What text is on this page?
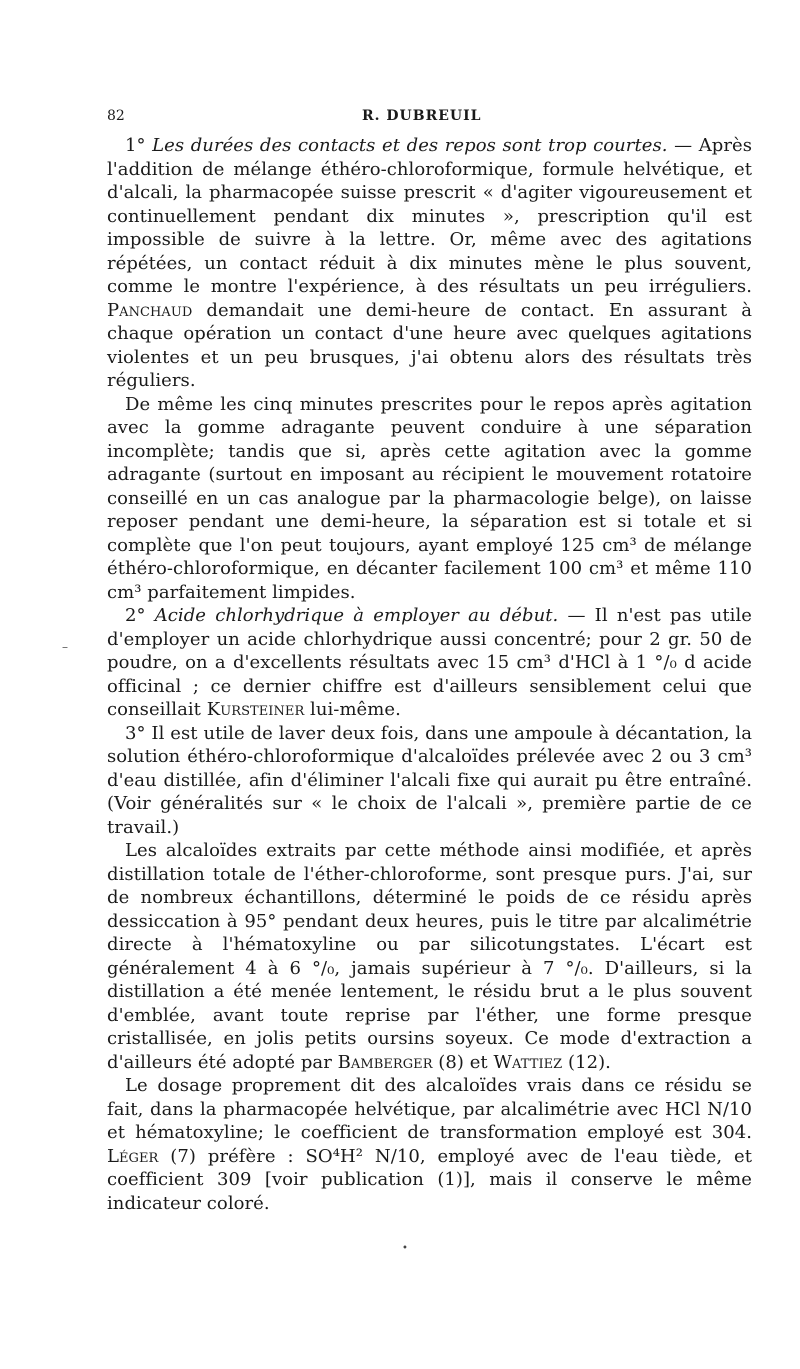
82	R. DUBREUIL

1° Les durées des contacts et des repos sont trop courtes. — Après l'addition de mélange éthéro-chloroformique, formule helvétique, et d'alcali, la pharmacopée suisse prescrit « d'agiter vigoureusement et continuellement pendant dix minutes », prescription qu'il est impossible de suivre à la lettre. Or, même avec des agitations répétées, un contact réduit à dix minutes mène le plus souvent, comme le montre l'expérience, à des résultats un peu irréguliers. Panchaud demandait une demi-heure de contact. En assurant à chaque opération un contact d'une heure avec quelques agitations violentes et un peu brusques, j'ai obtenu alors des résultats très réguliers.

De même les cinq minutes prescrites pour le repos après agitation avec la gomme adragante peuvent conduire à une séparation incomplète; tandis que si, après cette agitation avec la gomme adragante (surtout en imposant au récipient le mouvement rotatoire conseillé en un cas analogue par la pharmacologie belge), on laisse reposer pendant une demi-heure, la séparation est si totale et si complète que l'on peut toujours, ayant employé 125 cm³ de mélange éthéro-chloroformique, en décanter facilement 100 cm³ et même 110 cm³ parfaitement limpides.

2° Acide chlorhydrique à employer au début. — Il n'est pas utile d'employer un acide chlorhydrique aussi concentré; pour 2 gr. 50 de poudre, on a d'excellents résultats avec 15 cm³ d'HCl à 1 °/₀ d acide officinal ; ce dernier chiffre est d'ailleurs sensiblement celui que conseillait Kursteiner lui-même.

3° Il est utile de laver deux fois, dans une ampoule à décantation, la solution éthéro-chloroformique d'alcaloïdes prélevée avec 2 ou 3 cm³ d'eau distillée, afin d'éliminer l'alcali fixe qui aurait pu être entraîné. (Voir généralités sur « le choix de l'alcali », première partie de ce travail.)

Les alcaloïdes extraits par cette méthode ainsi modifiée, et après distillation totale de l'éther-chloroforme, sont presque purs. J'ai, sur de nombreux échantillons, déterminé le poids de ce résidu après dessiccation à 95° pendant deux heures, puis le titre par alcalimétrie directe à l'hématoxyline ou par silicotungstates. L'écart est généralement 4 à 6 °/₀, jamais supérieur à 7 °/₀. D'ailleurs, si la distillation a été menée lentement, le résidu brut a le plus souvent d'emblée, avant toute reprise par l'éther, une forme presque cristallisée, en jolis petits oursins soyeux. Ce mode d'extraction a d'ailleurs été adopté par Bamberger (8) et Wattiez (12).

Le dosage proprement dit des alcaloïdes vrais dans ce résidu se fait, dans la pharmacopée helvétique, par alcalimétrie avec HCl N/10 et hématoxyline; le coefficient de transformation employé est 304. Léger (7) préfère : SO⁴H² N/10, employé avec de l'eau tiède, et coefficient 309 [voir publication (1)], mais il conserve le même indicateur coloré.

–
•
